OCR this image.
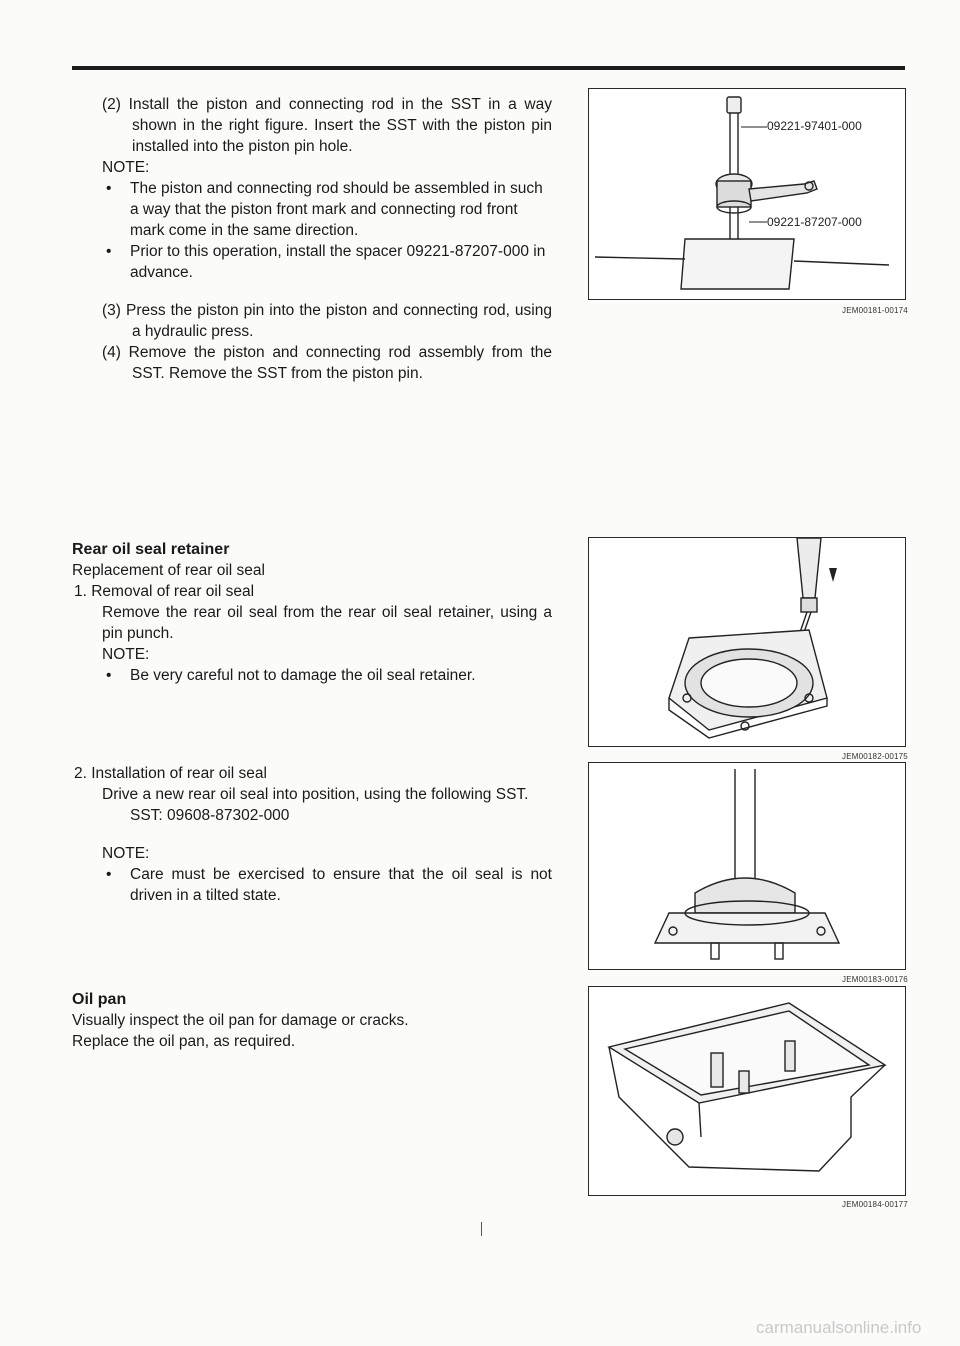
(2) Install the piston and connecting rod in the SST in a way shown in the right figure. Insert the SST with the piston pin installed into the piston pin hole.

NOTE:

• The piston and connecting rod should be assembled in such a way that the piston front mark and connecting rod front mark come in the same direction.

• Prior to this operation, install the spacer 09221-87207-000 in advance.

(3) Press the piston pin into the piston and connecting rod, using a hydraulic press.

(4) Remove the piston and connecting rod assembly from the SST. Remove the SST from the piston pin.

09221-97401-000
09221-87207-000
JEM00181-00174

Rear oil seal retainer

Replacement of rear oil seal

1. Removal of rear oil seal

Remove the rear oil seal from the rear oil seal retainer, using a pin punch.

NOTE:

• Be very careful not to damage the oil seal retainer.

2. Installation of rear oil seal

Drive a new rear oil seal into position, using the following SST.

SST: 09608-87302-000

NOTE:

• Care must be exercised to ensure that the oil seal is not driven in a tilted state.

JEM00182-00175
JEM00183-00176

Oil pan

Visually inspect the oil pan for damage or cracks.

Replace the oil pan, as required.

JEM00184-00177
carmanualsonline.info
